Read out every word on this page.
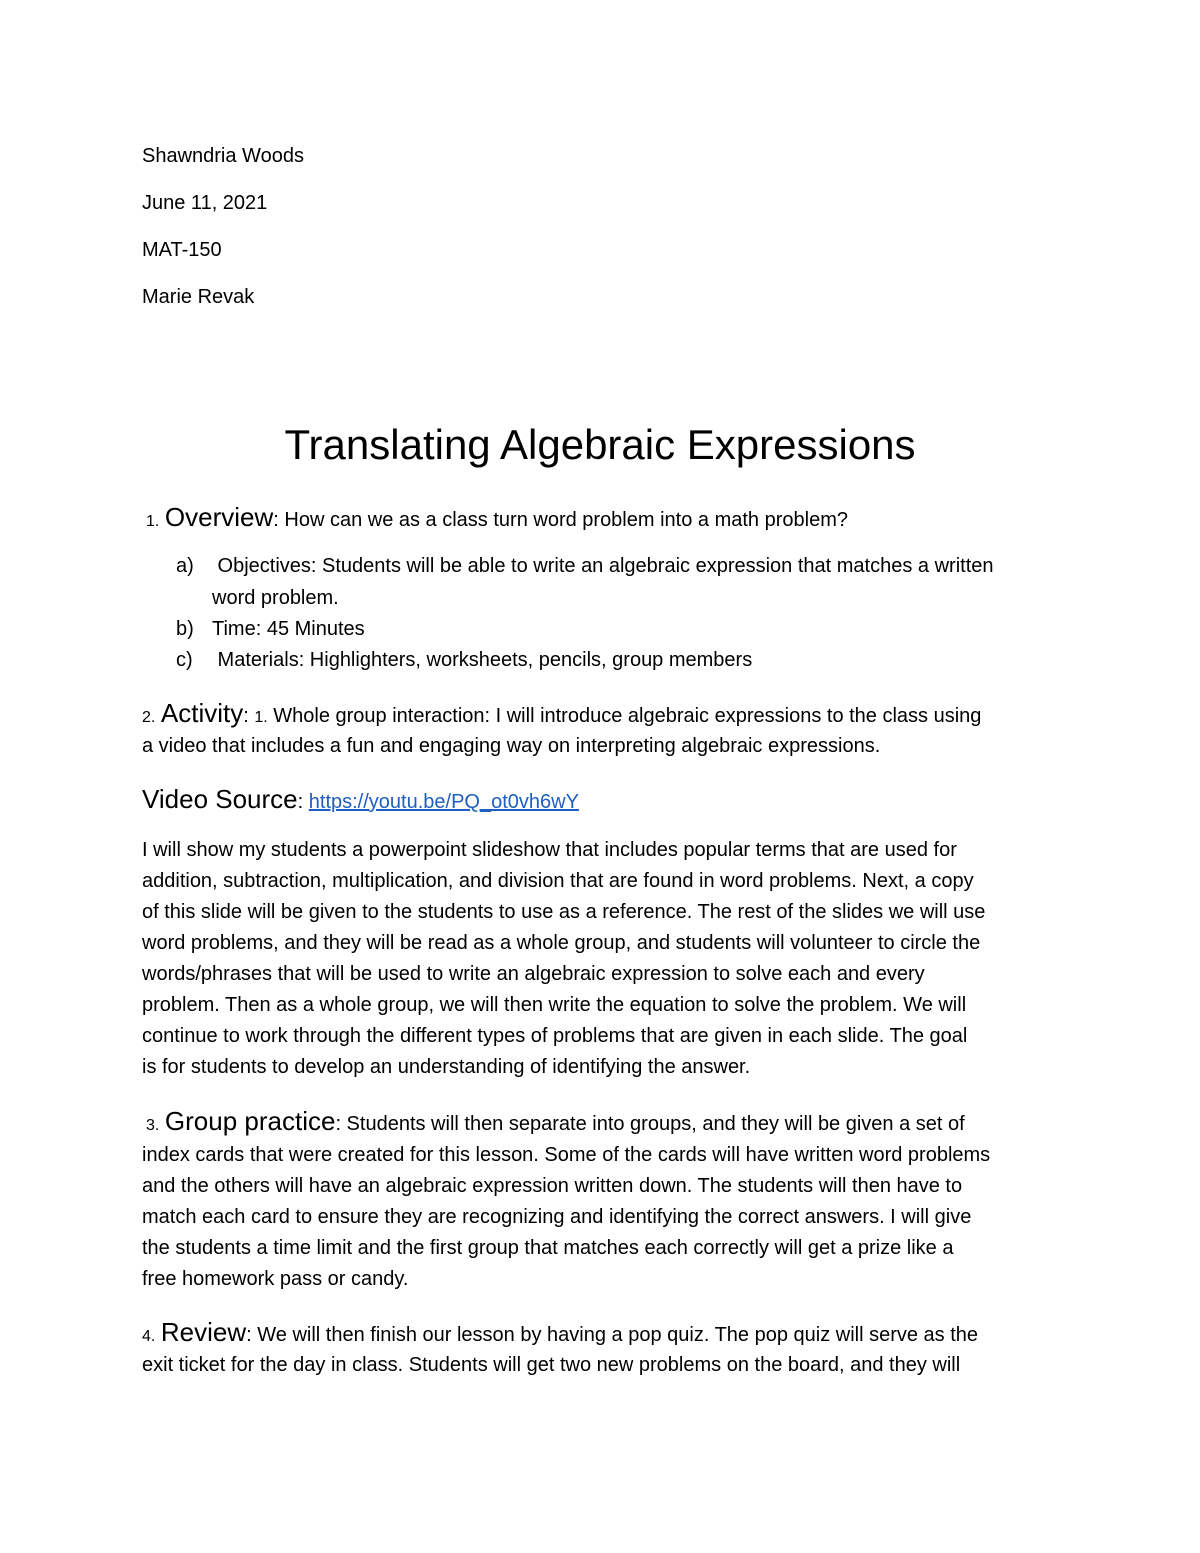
Shawndria Woods
June 11, 2021
MAT-150
Marie Revak
Translating Algebraic Expressions
1. Overview: How can we as a class turn word problem into a math problem?
a) Objectives: Students will be able to write an algebraic expression that matches a written
word problem.
b) Time: 45 Minutes
c) Materials: Highlighters, worksheets, pencils, group members
2. Activity: 1. Whole group interaction: I will introduce algebraic expressions to the class using
a video that includes a fun and engaging way on interpreting algebraic expressions.
Video Source: https://youtu.be/PQ_ot0vh6wY
I will show my students a powerpoint slideshow that includes popular terms that are used for
addition, subtraction, multiplication, and division that are found in word problems. Next, a copy
of this slide will be given to the students to use as a reference. The rest of the slides we will use
word problems, and they will be read as a whole group, and students will volunteer to circle the
words/phrases that will be used to write an algebraic expression to solve each and every
problem. Then as a whole group, we will then write the equation to solve the problem. We will
continue to work through the different types of problems that are given in each slide. The goal
is for students to develop an understanding of identifying the answer.
3. Group practice: Students will then separate into groups, and they will be given a set of
index cards that were created for this lesson. Some of the cards will have written word problems
and the others will have an algebraic expression written down. The students will then have to
match each card to ensure they are recognizing and identifying the correct answers. I will give
the students a time limit and the first group that matches each correctly will get a prize like a
free homework pass or candy.
4. Review: We will then finish our lesson by having a pop quiz. The pop quiz will serve as the
exit ticket for the day in class. Students will get two new problems on the board, and they will
